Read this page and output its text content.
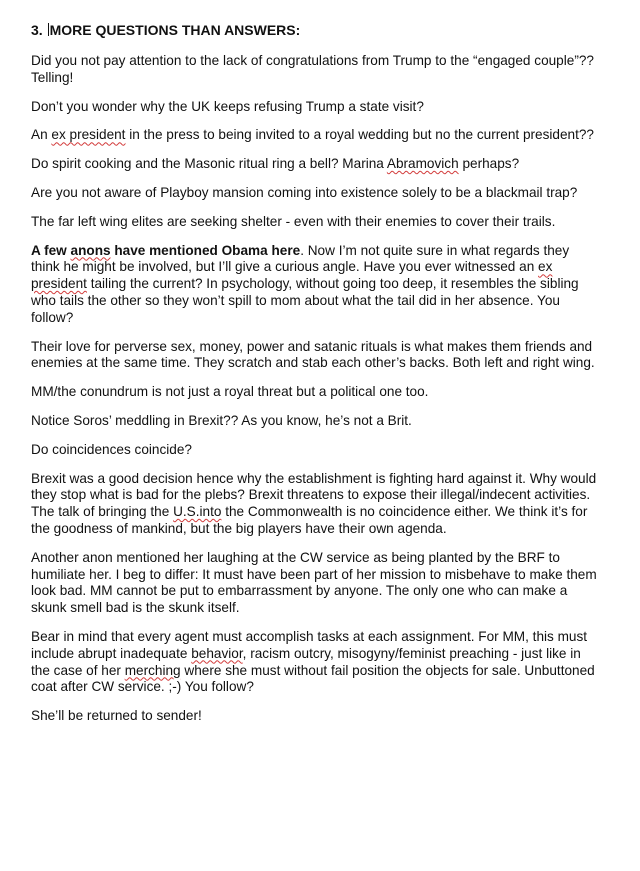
3. MORE QUESTIONS THAN ANSWERS:

Did you not pay attention to the lack of congratulations from Trump to the “engaged couple”?? Telling!

Don’t you wonder why the UK keeps refusing Trump a state visit?

An ex president in the press to being invited to a royal wedding but no the current president??

Do spirit cooking and the Masonic ritual ring a bell? Marina Abramovich perhaps?

Are you not aware of Playboy mansion coming into existence solely to be a blackmail trap?

The far left wing elites are seeking shelter - even with their enemies to cover their trails.

A few anons have mentioned Obama here. Now I’m not quite sure in what regards they think he might be involved, but I’ll give a curious angle. Have you ever witnessed an ex president tailing the current? In psychology, without going too deep, it resembles the sibling who tails the other so they won’t spill to mom about what the tail did in her absence. You follow?

Their love for perverse sex, money, power and satanic rituals is what makes them friends and enemies at the same time. They scratch and stab each other’s backs. Both left and right wing.

MM/the conundrum is not just a royal threat but a political one too.

Notice Soros’ meddling in Brexit?? As you know, he’s not a Brit.

Do coincidences coincide?

Brexit was a good decision hence why the establishment is fighting hard against it. Why would they stop what is bad for the plebs? Brexit threatens to expose their illegal/indecent activities. The talk of bringing the U.S.into the Commonwealth is no coincidence either. We think it’s for the goodness of mankind, but the big players have their own agenda.

Another anon mentioned her laughing at the CW service as being planted by the BRF to humiliate her. I beg to differ: It must have been part of her mission to misbehave to make them look bad. MM cannot be put to embarrassment by anyone. The only one who can make a skunk smell bad is the skunk itself.

Bear in mind that every agent must accomplish tasks at each assignment. For MM, this must include abrupt inadequate behavior, racism outcry, misogyny/feminist preaching - just like in the case of her merching where she must without fail position the objects for sale. Unbuttoned coat after CW service. ;-) You follow?

She’ll be returned to sender!
